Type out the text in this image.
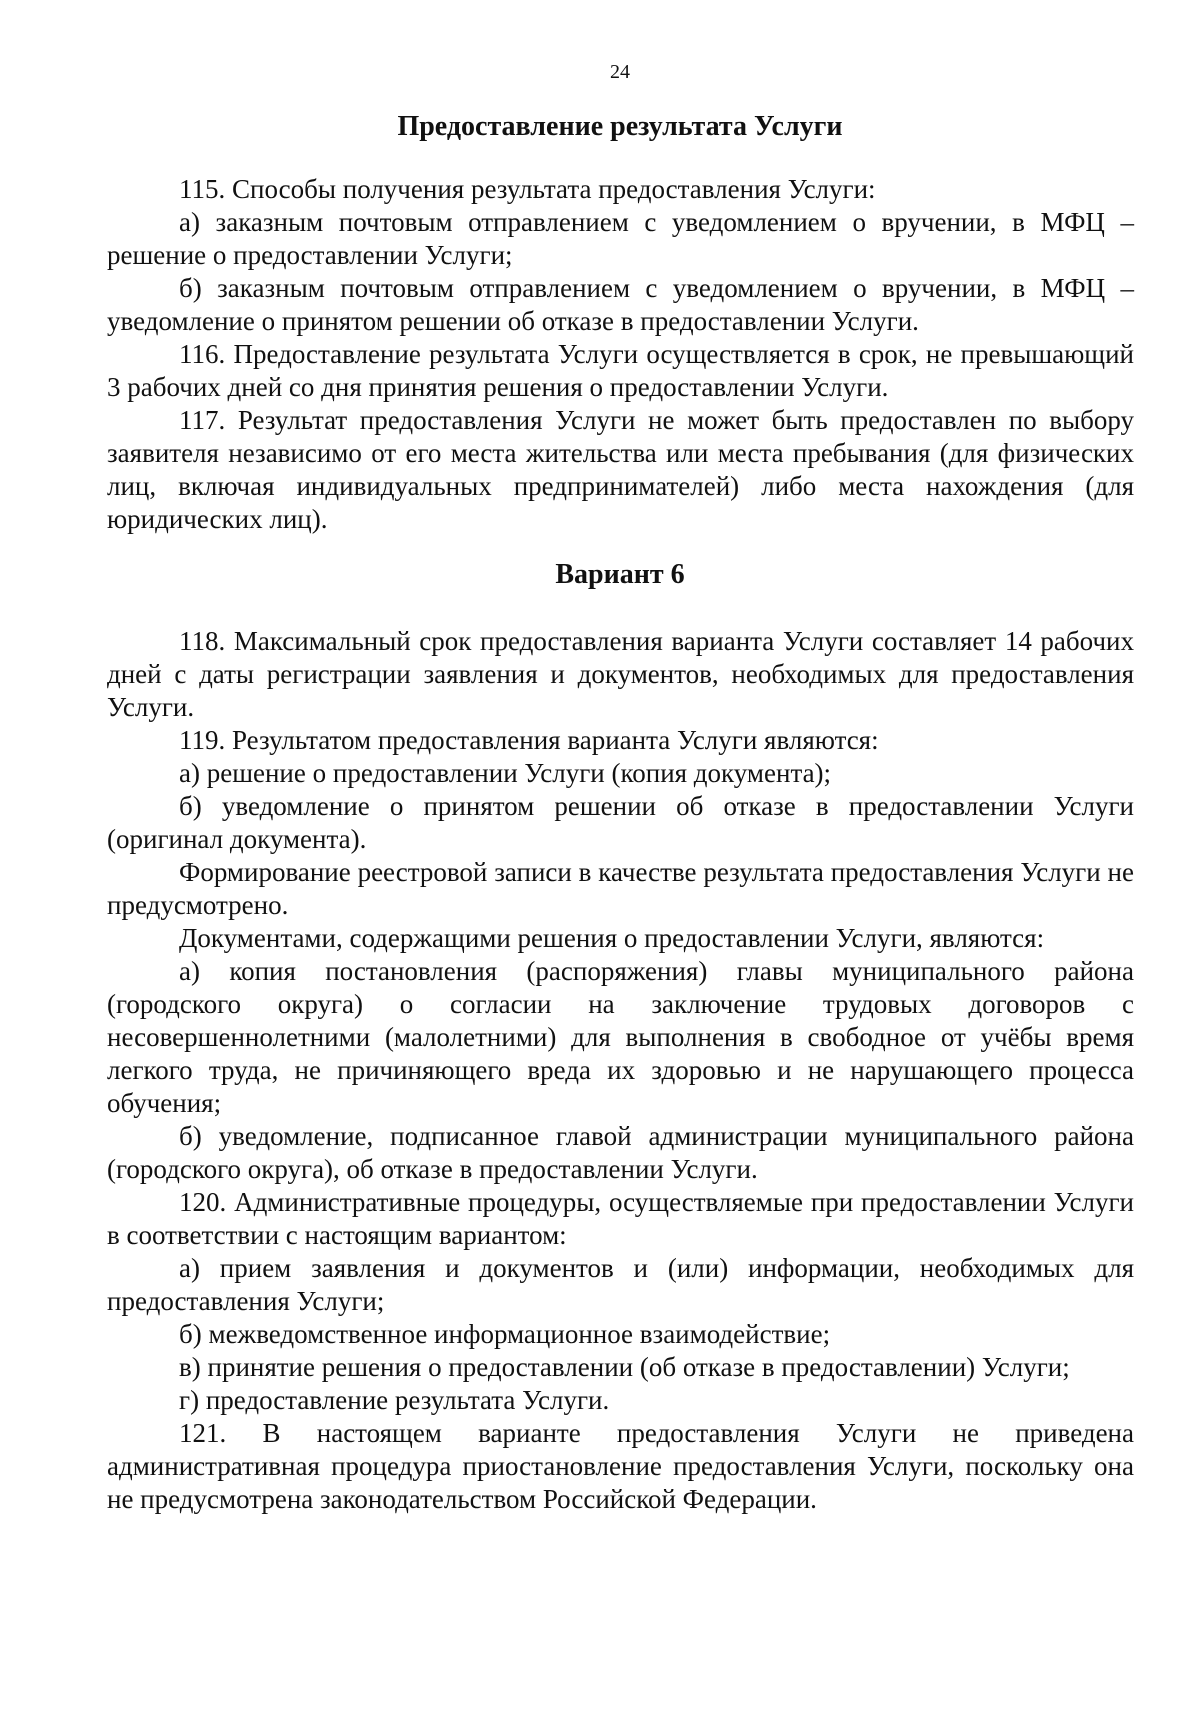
24
Предоставление результата Услуги

115. Способы получения результата предоставления Услуги:

а) заказным почтовым отправлением с уведомлением о вручении, в МФЦ – решение о предоставлении Услуги;

б) заказным почтовым отправлением с уведомлением о вручении, в МФЦ – уведомление о принятом решении об отказе в предоставлении Услуги.

116. Предоставление результата Услуги осуществляется в срок, не превышающий 3 рабочих дней со дня принятия решения о предоставлении Услуги.

117. Результат предоставления Услуги не может быть предоставлен по выбору заявителя независимо от его места жительства или места пребывания (для физических лиц, включая индивидуальных предпринимателей) либо места нахождения (для юридических лиц).

Вариант 6

118. Максимальный срок предоставления варианта Услуги составляет 14 рабочих дней с даты регистрации заявления и документов, необходимых для предоставления Услуги.

119. Результатом предоставления варианта Услуги являются:

а) решение о предоставлении Услуги (копия документа);

б) уведомление о принятом решении об отказе в предоставлении Услуги (оригинал документа).

Формирование реестровой записи в качестве результата предоставления Услуги не предусмотрено.

Документами, содержащими решения о предоставлении Услуги, являются:

а) копия постановления (распоряжения) главы муниципального района (городского округа) о согласии на заключение трудовых договоров с несовершеннолетними (малолетними) для выполнения в свободное от учёбы время легкого труда, не причиняющего вреда их здоровью и не нарушающего процесса обучения;

б) уведомление, подписанное главой администрации муниципального района (городского округа), об отказе в предоставлении Услуги.

120. Административные процедуры, осуществляемые при предоставлении Услуги в соответствии с настоящим вариантом:

а) прием заявления и документов и (или) информации, необходимых для предоставления Услуги;

б) межведомственное информационное взаимодействие;

в) принятие решения о предоставлении (об отказе в предоставлении) Услуги;

г) предоставление результата Услуги.

121. В настоящем варианте предоставления Услуги не приведена административная процедура приостановление предоставления Услуги, поскольку она не предусмотрена законодательством Российской Федерации.
